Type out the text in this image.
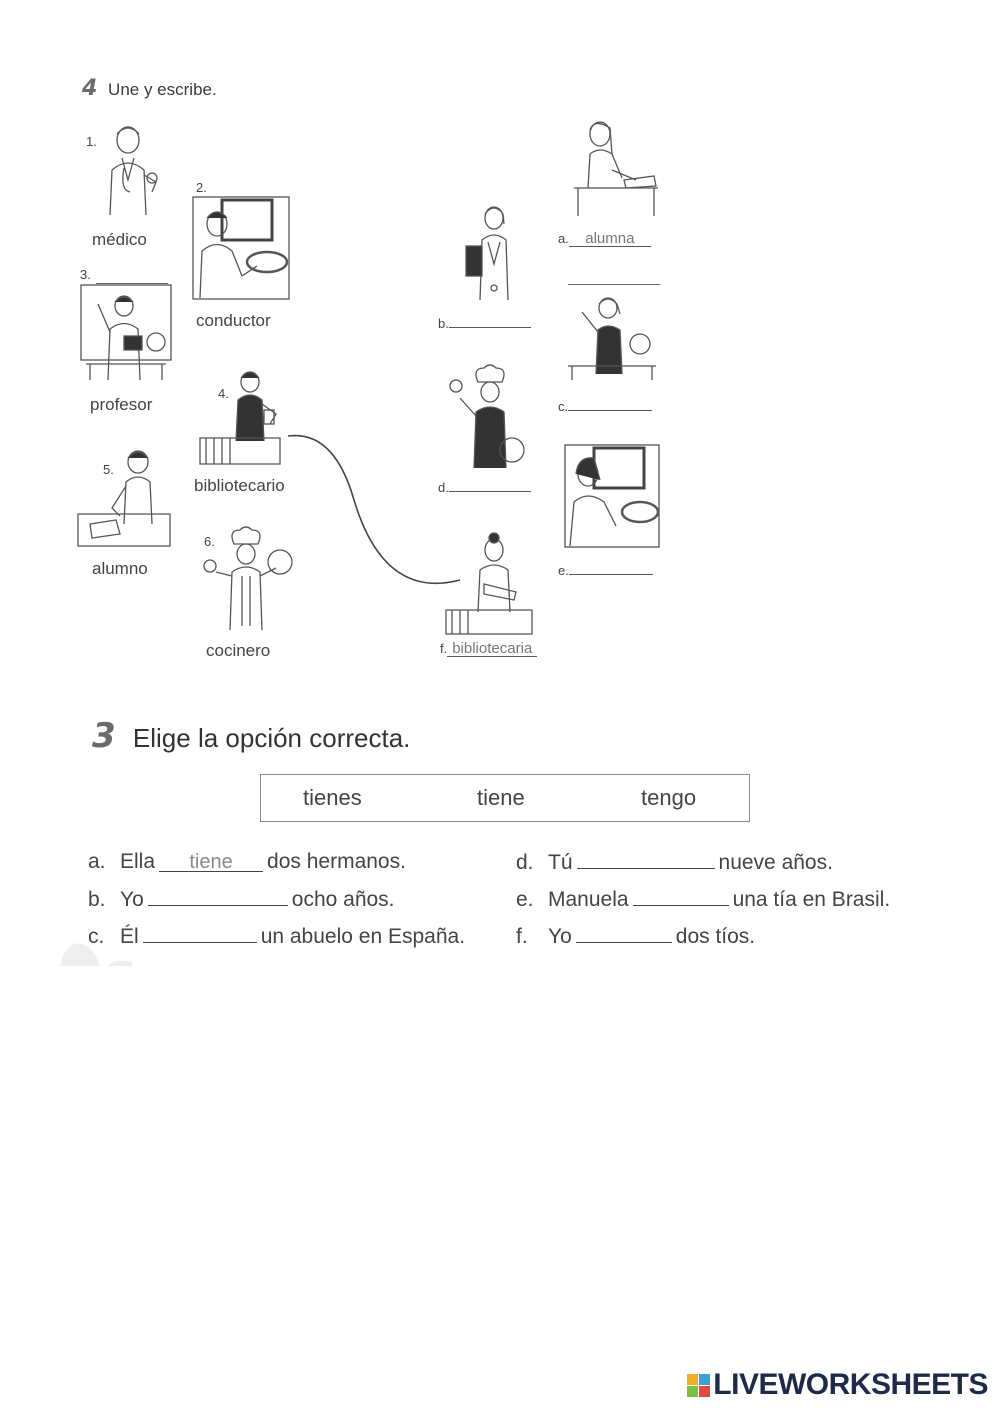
4 Une y escribe.
1.
médico
2.
conductor
3.
profesor
4.
bibliotecario
5.
alumno
6.
cocinero
a. alumna
b.
c.
d.
e.
f. bibliotecaria
3 Elige la opción correcta.
tienes	tiene	tengo
a. Ella tiene dos hermanos.
b. Yo	ocho años.
c. Él	un abuelo en España.
d. Tú	nueve años.
e. Manuela	una tía en Brasil.
f. Yo	dos tíos.
LIVEWORKSHEETS
